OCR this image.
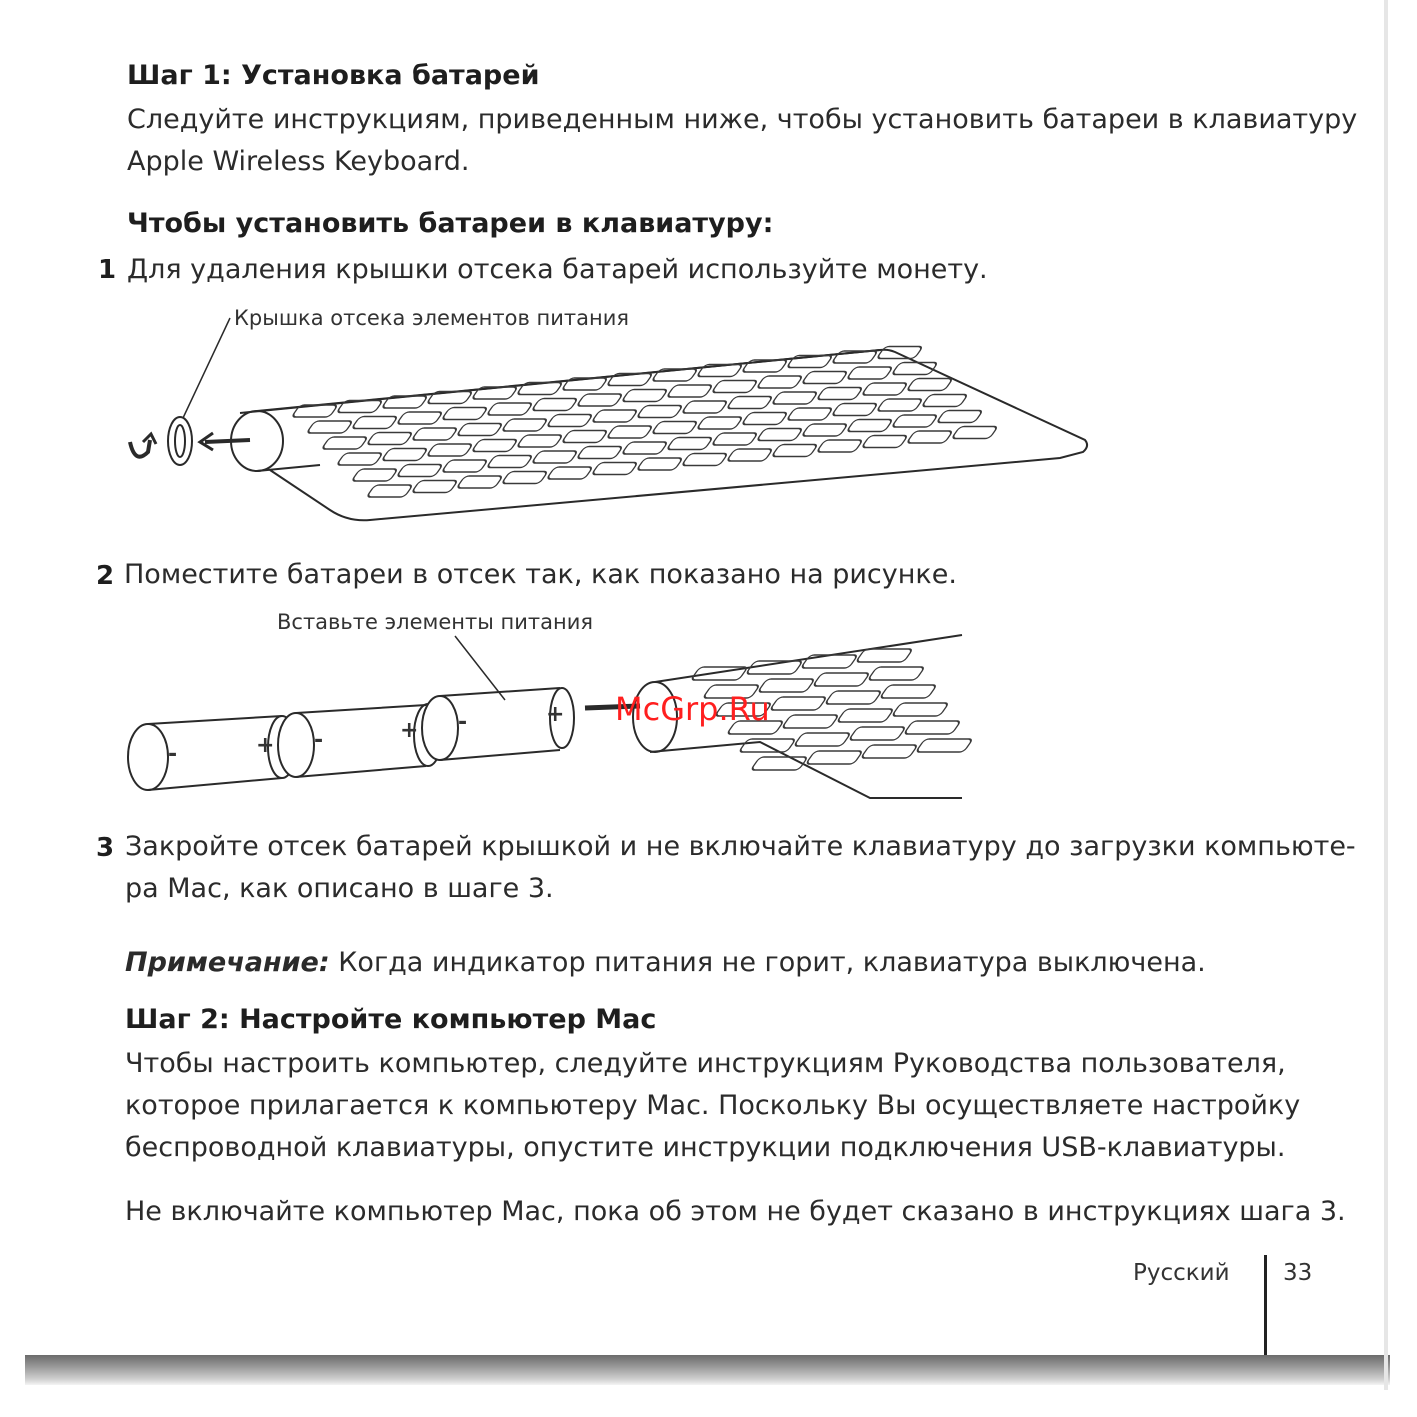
Шаг 1: Установка батарей
Следуйте инструкциям, приведенным ниже, чтобы установить батареи в клавиатуру
Apple Wireless Keyboard.
Чтобы установить батареи в клавиатуру:
1 Для удаления крышки отсека батарей используйте монету.
Крышка отсека элементов питания
2 Поместите батареи в отсек так, как показано на рисунке.
Вставьте элементы питания
-	+ -	+ -	+ McGrp.Ru
3 Закройте отсек батарей крышкой и не включайте клавиатуру до загрузки компьюте-
ра Mac, как описано в шаге 3.
Примечание: Когда индикатор питания не горит, клавиатура выключена.
Шаг 2: Настройте компьютер Mac
Чтобы настроить компьютер, следуйте инструкциям Руководства пользователя,
которое прилагается к компьютеру Mac. Поскольку Вы осуществляете настройку
беспроводной клавиатуры, опустите инструкции подключения USB-клавиатуры.
Не включайте компьютер Mac, пока об этом не будет сказано в инструкциях шага 3.
Русский 33
